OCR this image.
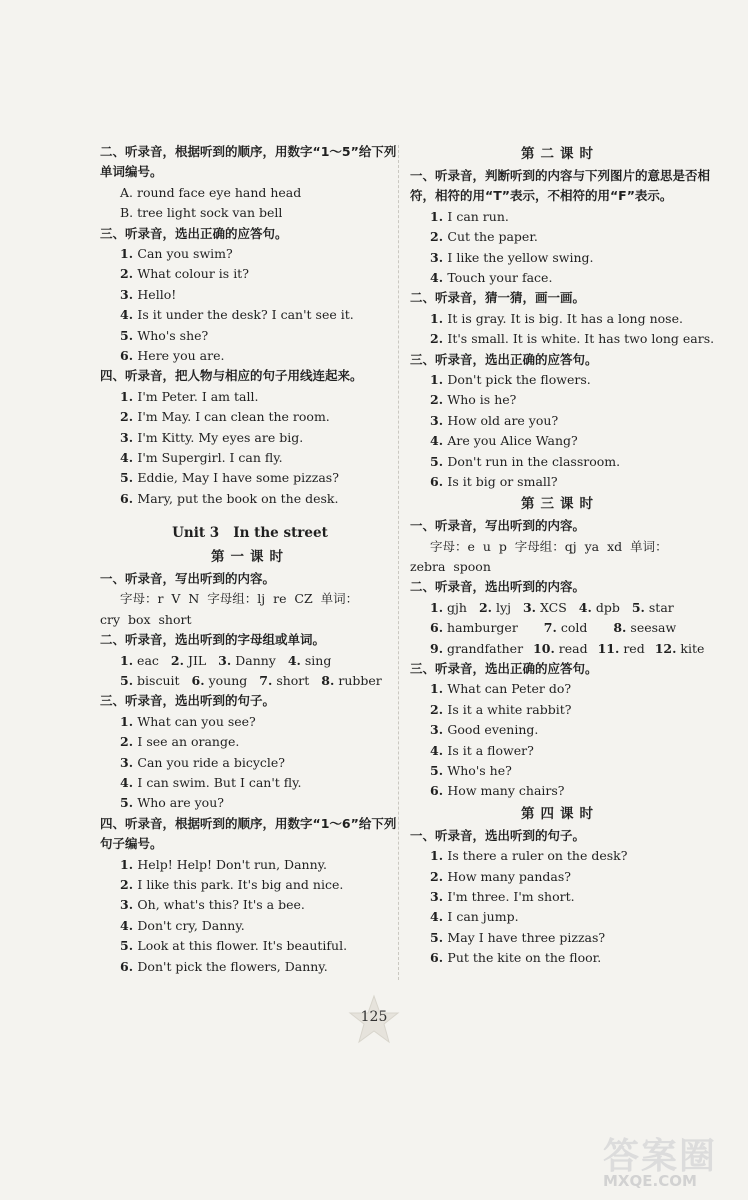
二、听录音，根据听到的顺序，用数字“1～5”给下列单词编号。
A. round face eye hand head
B. tree light sock van bell
三、听录音，选出正确的应答句。
1. Can you swim?
2. What colour is it?
3. Hello!
4. Is it under the desk? I can't see it.
5. Who's she?
6. Here you are.
四、听录音，把人物与相应的句子用线连起来。
1. I'm Peter. I am tall.
2. I'm May. I can clean the room.
3. I'm Kitty. My eyes are big.
4. I'm Supergirl. I can fly.
5. Eddie, May I have some pizzas?
6. Mary, put the book on the desk.
Unit 3   In the street
第一课时
一、听录音，写出听到的内容。
字母：r  V  N  字母组：lj  re  CZ  单词：
cry  box  short
二、听录音，选出听到的字母组或单词。
1. eac 2. JIL 3. Danny 4. sing
5. biscuit 6. young 7. short 8. rubber
三、听录音，选出听到的句子。
1. What can you see?
2. I see an orange.
3. Can you ride a bicycle?
4. I can swim. But I can't fly.
5. Who are you?
四、听录音，根据听到的顺序，用数字“1～6”给下列句子编号。
1. Help! Help! Don't run, Danny.
2. I like this park. It's big and nice.
3. Oh, what's this? It's a bee.
4. Don't cry, Danny.
5. Look at this flower. It's beautiful.
6. Don't pick the flowers, Danny.
第二课时
一、听录音，判断听到的内容与下列图片的意思是否相符，相符的用“T”表示，不相符的用“F”表示。
1. I can run.
2. Cut the paper.
3. I like the yellow swing.
4. Touch your face.
二、听录音，猜一猜，画一画。
1. It is gray. It is big. It has a long nose.
2. It's small. It is white. It has two long ears.
三、听录音，选出正确的应答句。
1. Don't pick the flowers.
2. Who is he?
3. How old are you?
4. Are you Alice Wang?
5. Don't run in the classroom.
6. Is it big or small?
第三课时
一、听录音，写出听到的内容。
字母：e  u  p  字母组：qj  ya  xd  单词：
zebra  spoon
二、听录音，选出听到的内容。
1. gjh 2. lyj 3. XCS 4. dpb 5. star
6. hamburger 7. cold 8. seesaw
9. grandfather 10. read 11. red 12. kite
三、听录音，选出正确的应答句。
1. What can Peter do?
2. Is it a white rabbit?
3. Good evening.
4. Is it a flower?
5. Who's he?
6. How many chairs?
第四课时
一、听录音，选出听到的句子。
1. Is there a ruler on the desk?
2. How many pandas?
3. I'm three. I'm short.
4. I can jump.
5. May I have three pizzas?
6. Put the kite on the floor.
125
答案圈
MXQE.COM
